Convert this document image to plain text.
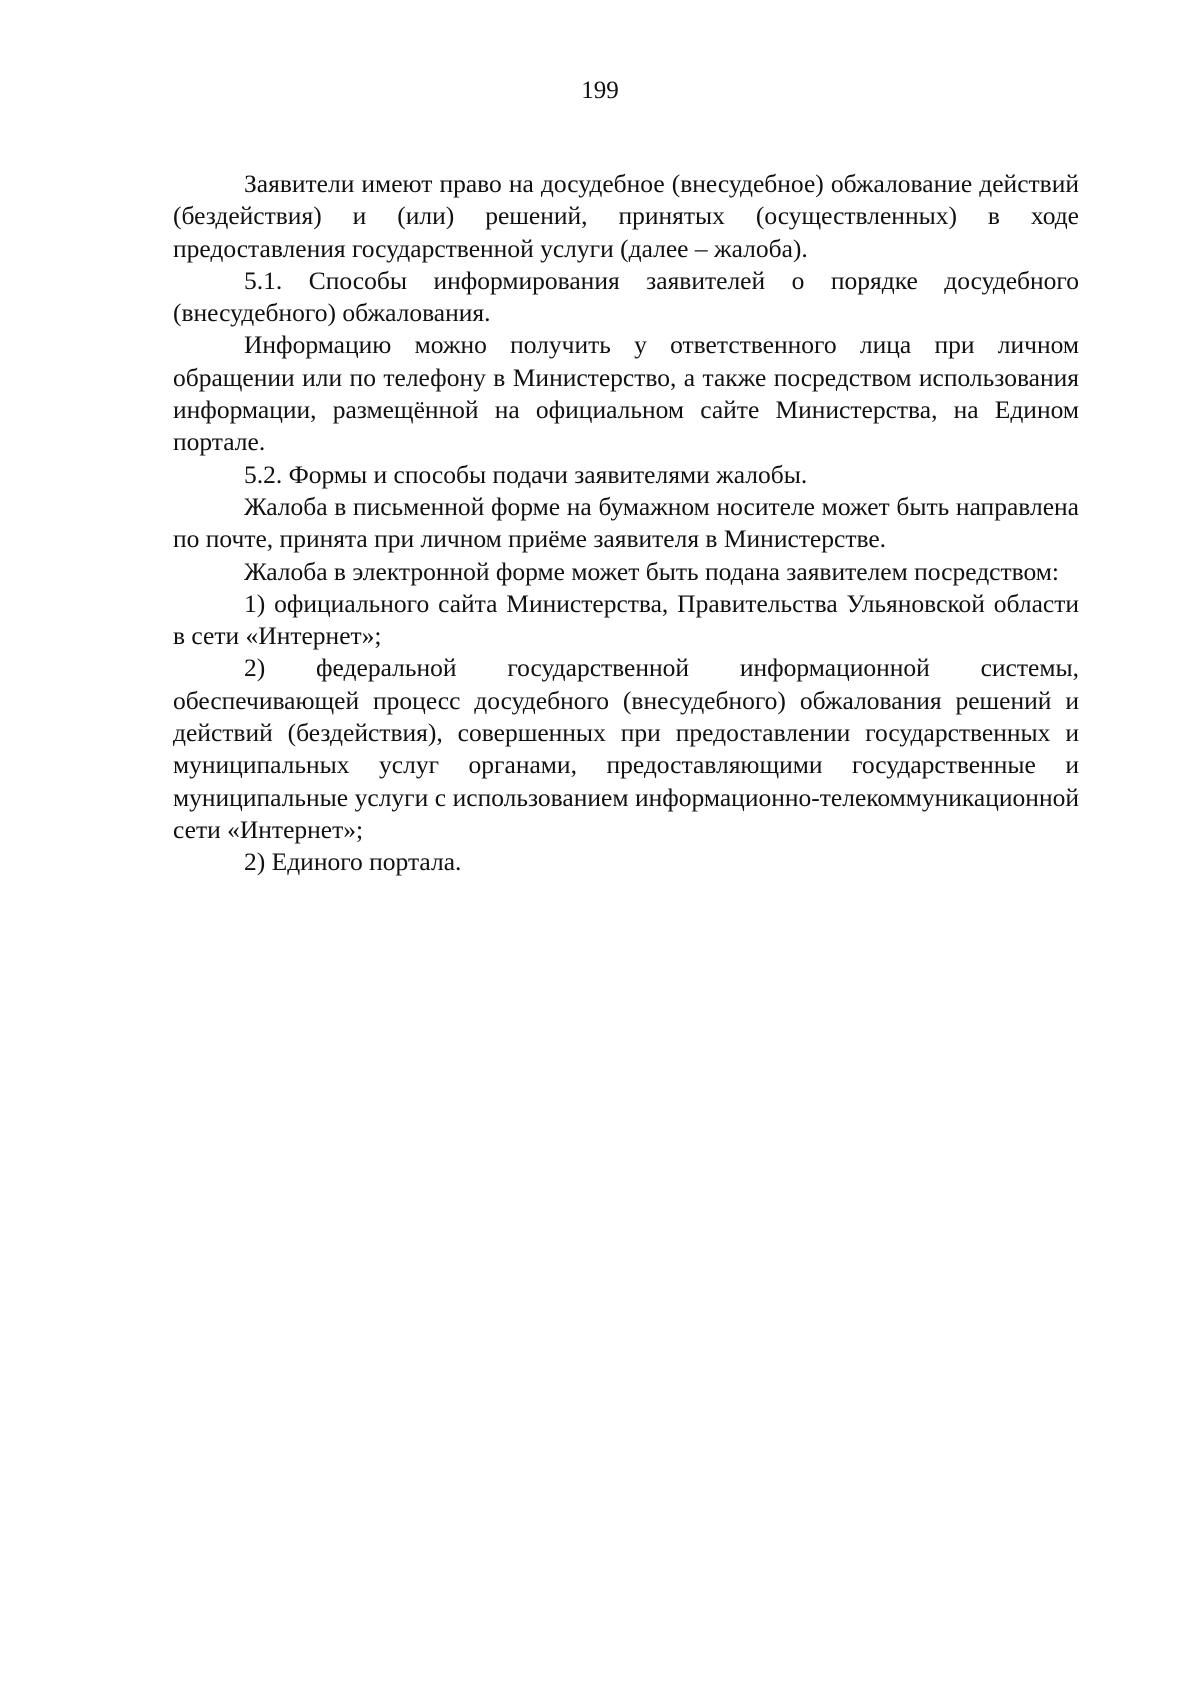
199

Заявители имеют право на досудебное (внесудебное) обжалование действий (бездействия) и (или) решений, принятых (осуществленных) в ходе предоставления государственной услуги (далее – жалоба).

5.1. Способы информирования заявителей о порядке досудебного (внесудебного) обжалования.

Информацию можно получить у ответственного лица при личном обращении или по телефону в Министерство, а также посредством использования информации, размещённой на официальном сайте Министерства, на Едином портале.

5.2. Формы и способы подачи заявителями жалобы.

Жалоба в письменной форме на бумажном носителе может быть направлена по почте, принята при личном приёме заявителя в Министерстве.

Жалоба в электронной форме может быть подана заявителем посредством:

1) официального сайта Министерства, Правительства Ульяновской области в сети «Интернет»;

2) федеральной государственной информационной системы, обеспечивающей процесс досудебного (внесудебного) обжалования решений и действий (бездействия), совершенных при предоставлении государственных и муниципальных услуг органами, предоставляющими государственные и муниципальные услуги с использованием информационно-телекоммуникационной сети «Интернет»;

2) Единого портала.
